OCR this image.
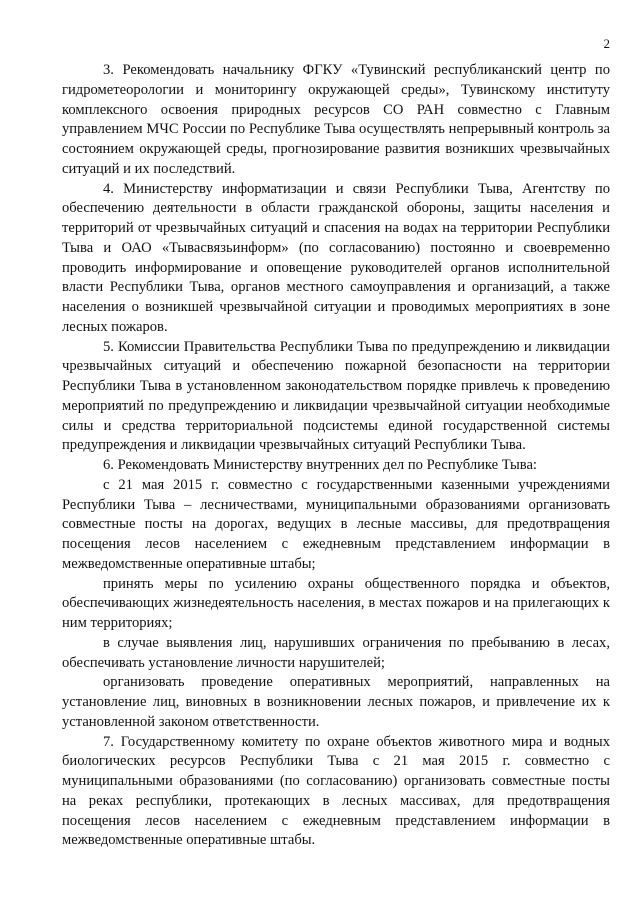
2

3. Рекомендовать начальнику ФГКУ «Тувинский республиканский центр по гидрометеорологии и мониторингу окружающей среды», Тувинскому институту комплексного освоения природных ресурсов СО РАН совместно с Главным управлением МЧС России по Республике Тыва осуществлять непрерывный контроль за состоянием окружающей среды, прогнозирование развития возникших чрезвычайных ситуаций и их последствий.

4. Министерству информатизации и связи Республики Тыва, Агентству по обеспечению деятельности в области гражданской обороны, защиты населения и территорий от чрезвычайных ситуаций и спасения на водах на территории Республики Тыва и ОАО «Тывасвязьинформ» (по согласованию) постоянно и своевременно проводить информирование и оповещение руководителей органов исполнительной власти Республики Тыва, органов местного самоуправления и организаций, а также населения о возникшей чрезвычайной ситуации и проводимых мероприятиях в зоне лесных пожаров.

5. Комиссии Правительства Республики Тыва по предупреждению и ликвидации чрезвычайных ситуаций и обеспечению пожарной безопасности на территории Республики Тыва в установленном законодательством порядке привлечь к проведению мероприятий по предупреждению и ликвидации чрезвычайной ситуации необходимые силы и средства территориальной подсистемы единой государственной системы предупреждения и ликвидации чрезвычайных ситуаций Республики Тыва.

6. Рекомендовать Министерству внутренних дел по Республике Тыва:

с 21 мая 2015 г. совместно с государственными казенными учреждениями Республики Тыва – лесничествами, муниципальными образованиями организовать совместные посты на дорогах, ведущих в лесные массивы, для предотвращения посещения лесов населением с ежедневным представлением информации в межведомственные оперативные штабы;

принять меры по усилению охраны общественного порядка и объектов, обеспечивающих жизнедеятельность населения, в местах пожаров и на прилегающих к ним территориях;

в случае выявления лиц, нарушивших ограничения по пребыванию в лесах, обеспечивать установление личности нарушителей;

организовать проведение оперативных мероприятий, направленных на установление лиц, виновных в возникновении лесных пожаров, и привлечение их к установленной законом ответственности.

7. Государственному комитету по охране объектов животного мира и водных биологических ресурсов Республики Тыва с 21 мая 2015 г. совместно с муниципальными образованиями (по согласованию) организовать совместные посты на реках республики, протекающих в лесных массивах, для предотвращения посещения лесов населением с ежедневным представлением информации в межведомственные оперативные штабы.
